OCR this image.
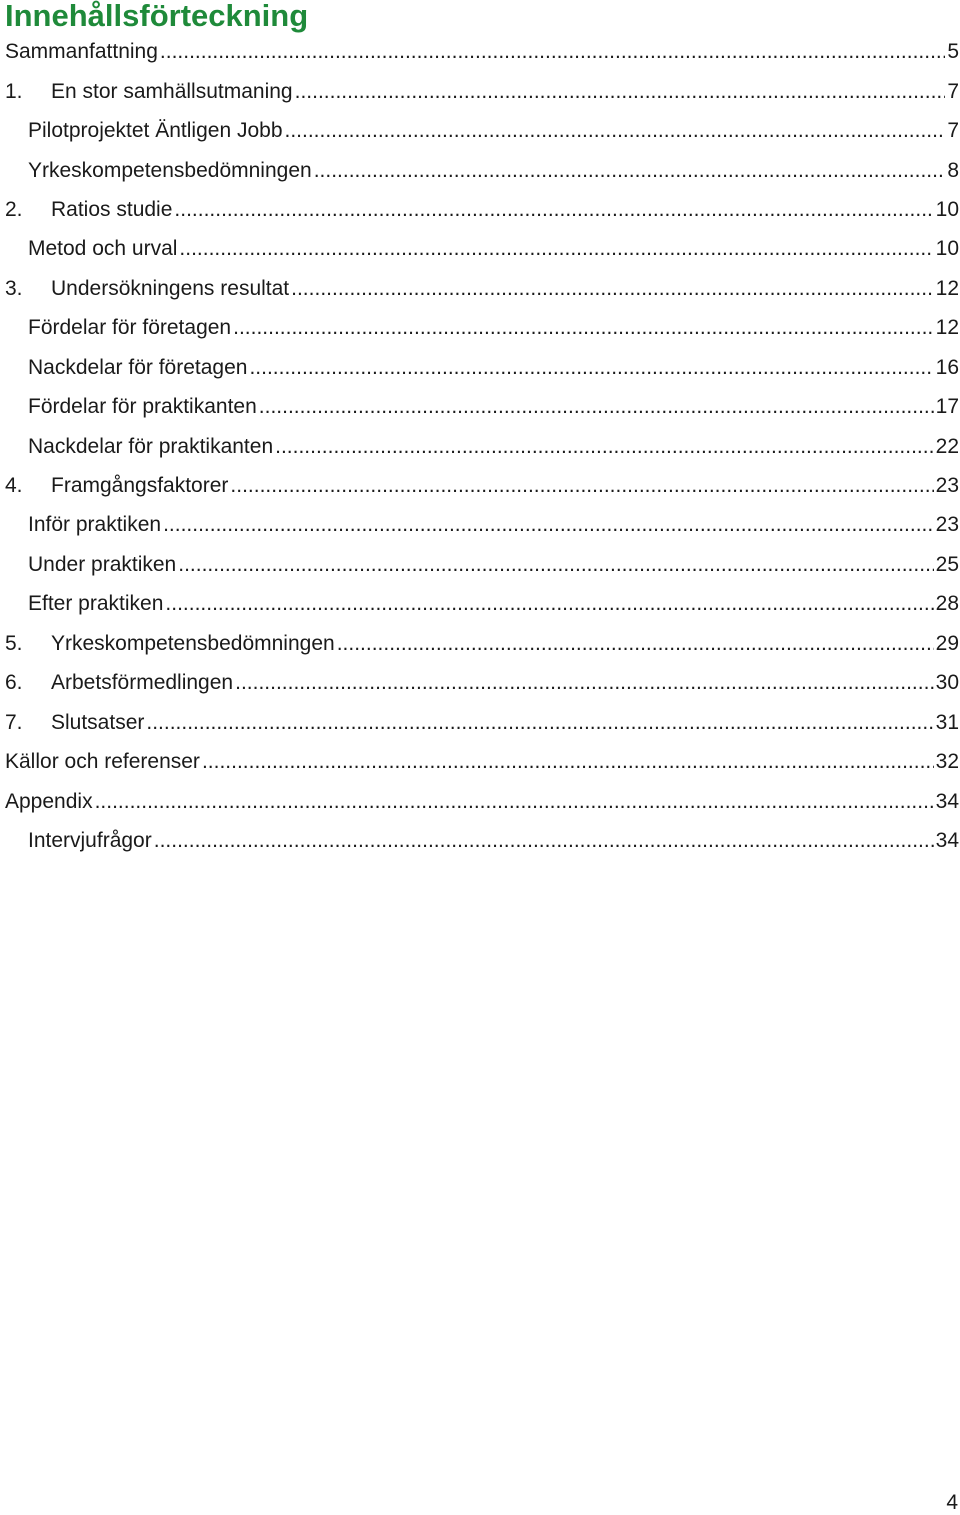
Innehållsförteckning
Sammanfattning .....	5
1.	En stor samhällsutmaning .....	7
Pilotprojektet Äntligen Jobb .....	7
Yrkeskompetensbedömningen .....	8
2.	Ratios studie .....	10
Metod och urval .....	10
3.	Undersökningens resultat .....	12
Fördelar för företagen .....	12
Nackdelar för företagen .....	16
Fördelar för praktikanten .....	17
Nackdelar för praktikanten .....	22
4.	Framgångsfaktorer .....	23
Inför praktiken .....	23
Under praktiken .....	25
Efter praktiken .....	28
5.	Yrkeskompetensbedömningen .....	29
6.	Arbetsförmedlingen .....	30
7.	Slutsatser .....	31
Källor och referenser .....	32
Appendix .....	34
Intervjufrågor .....	34
4
